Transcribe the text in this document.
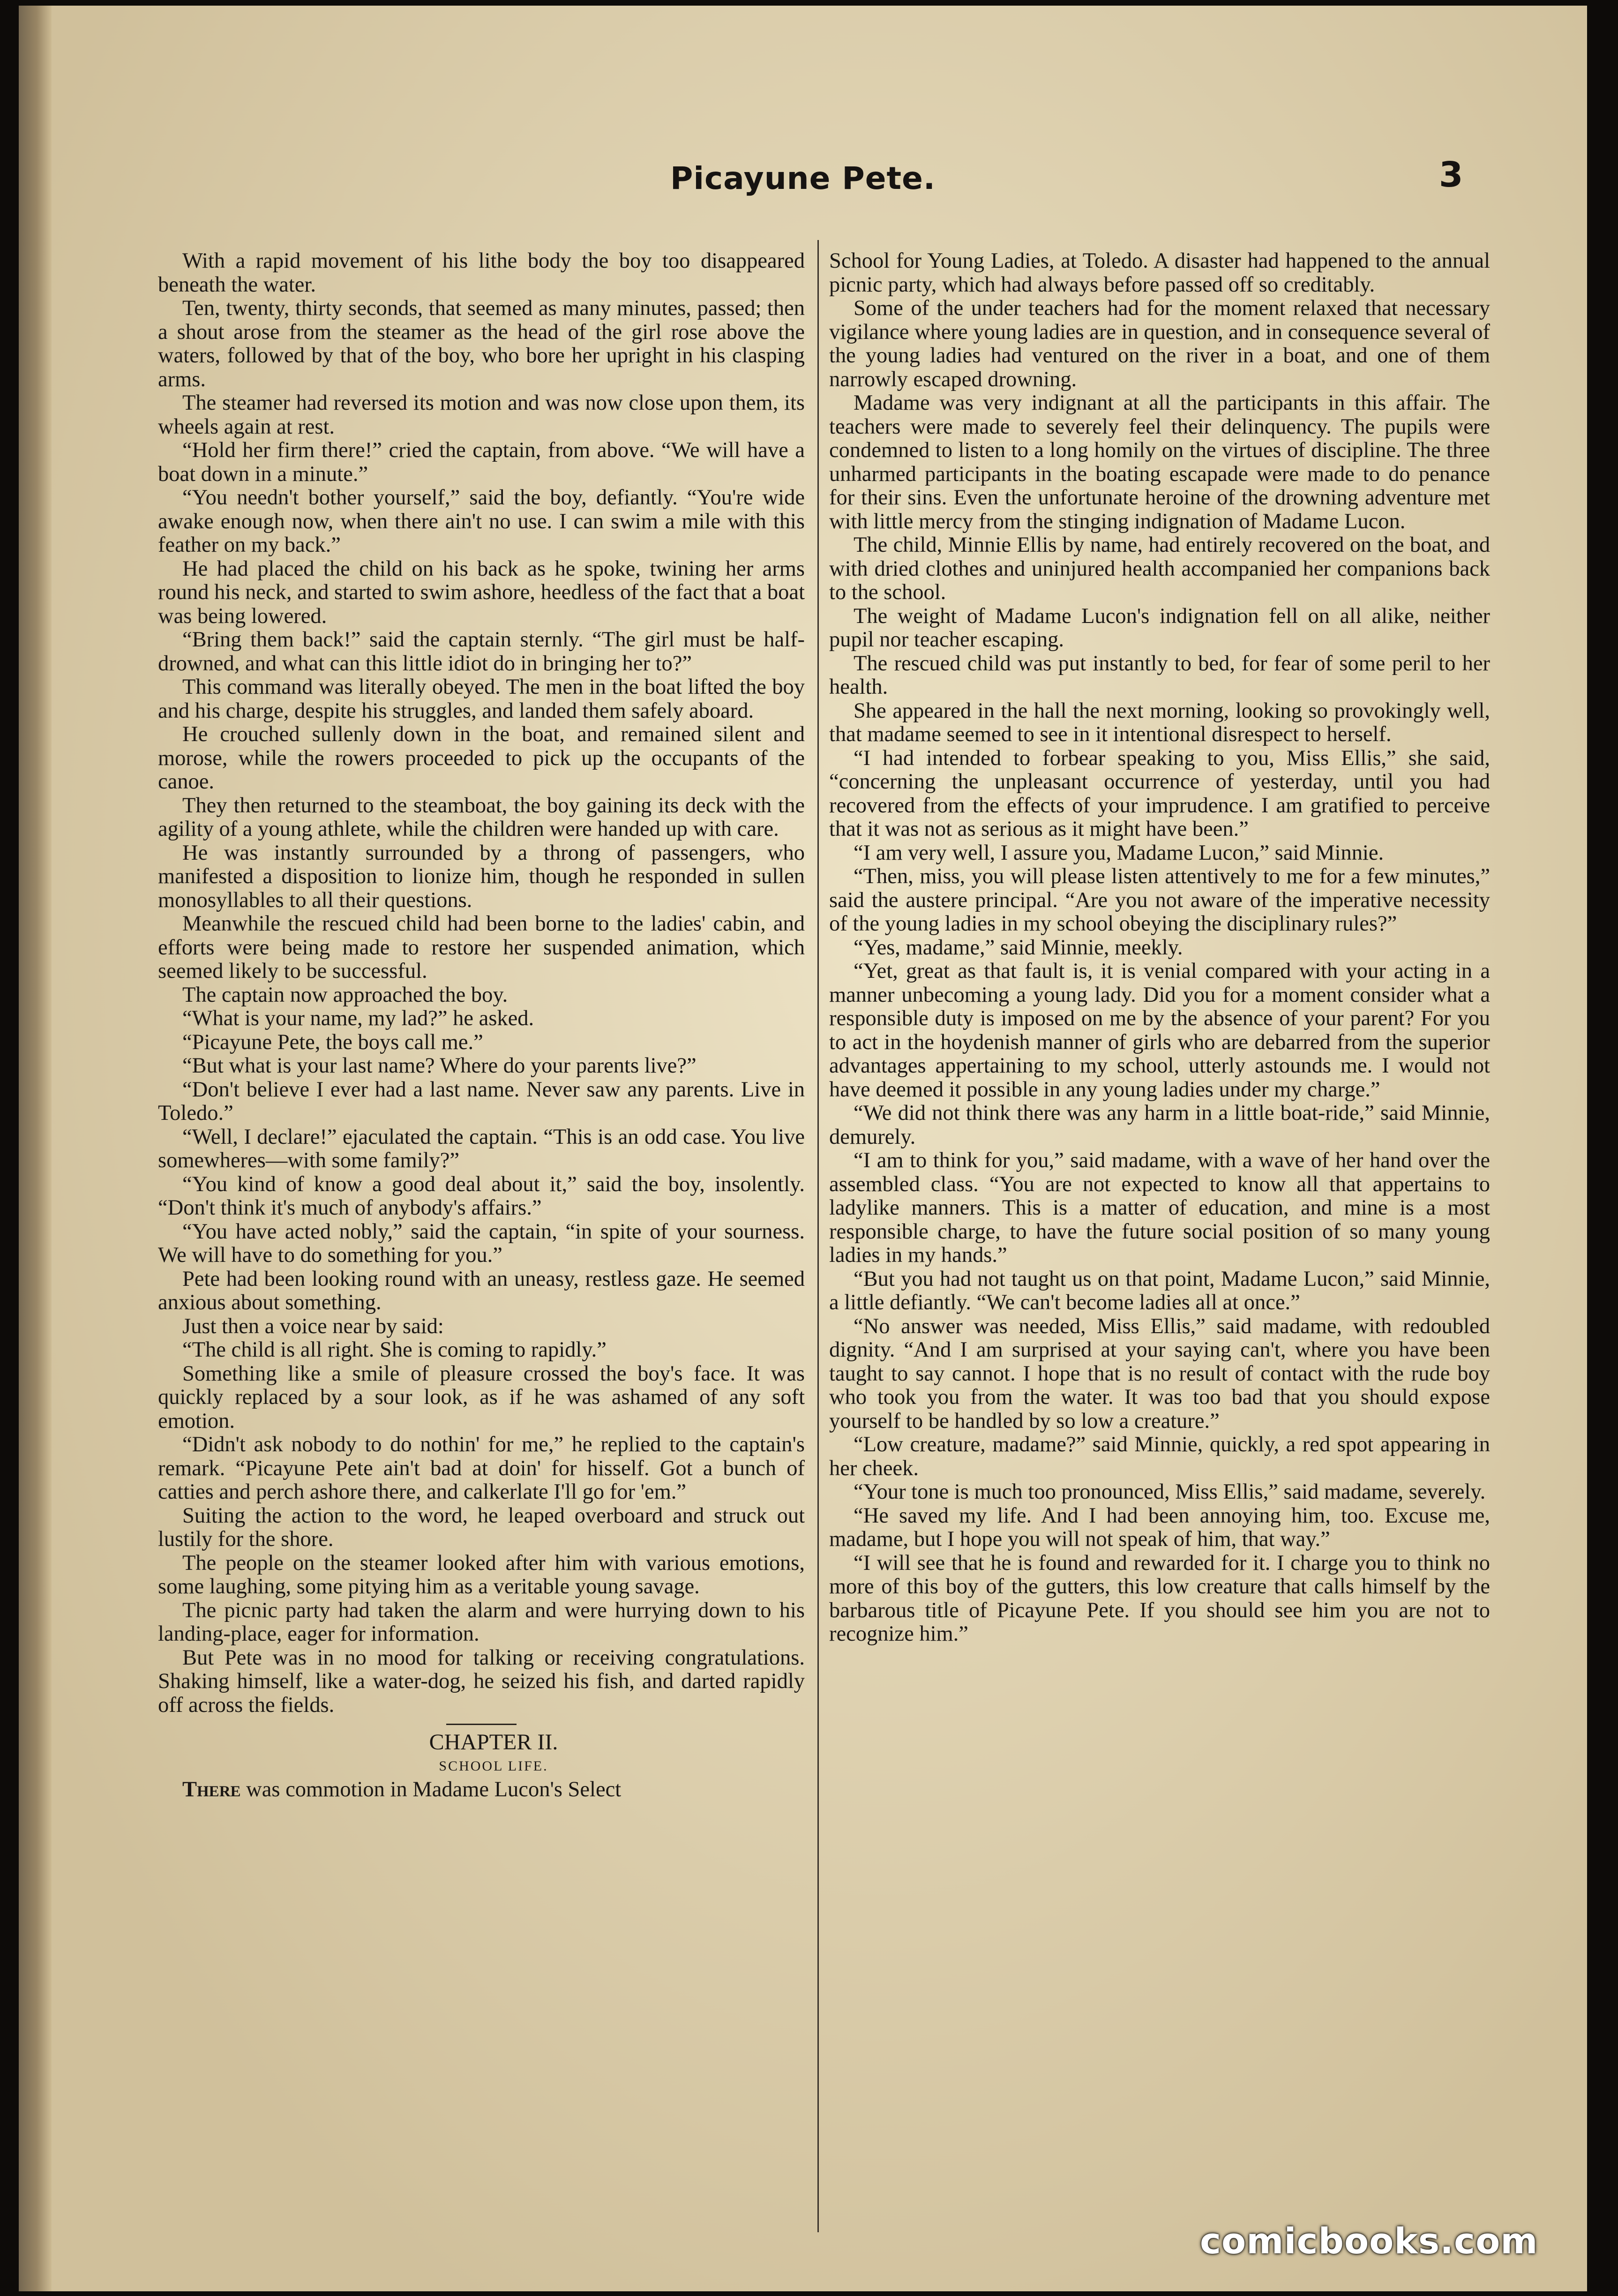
Picayune Pete.	3

With a rapid movement of his lithe body the boy too disappeared beneath the water.

Ten, twenty, thirty seconds, that seemed as many minutes, passed; then a shout arose from the steamer as the head of the girl rose above the waters, followed by that of the boy, who bore her upright in his clasping arms.

The steamer had reversed its motion and was now close upon them, its wheels again at rest.

“Hold her firm there!” cried the captain, from above. “We will have a boat down in a minute.”

“You needn't bother yourself,” said the boy, defiantly. “You're wide awake enough now, when there ain't no use. I can swim a mile with this feather on my back.”

He had placed the child on his back as he spoke, twining her arms round his neck, and started to swim ashore, heedless of the fact that a boat was being lowered.

“Bring them back!” said the captain sternly. “The girl must be half-drowned, and what can this little idiot do in bringing her to?”

This command was literally obeyed. The men in the boat lifted the boy and his charge, despite his struggles, and landed them safely aboard.

He crouched sullenly down in the boat, and remained silent and morose, while the rowers proceeded to pick up the occupants of the canoe.

They then returned to the steamboat, the boy gaining its deck with the agility of a young athlete, while the children were handed up with care.

He was instantly surrounded by a throng of passengers, who manifested a disposition to lionize him, though he responded in sullen monosyllables to all their questions.

Meanwhile the rescued child had been borne to the ladies' cabin, and efforts were being made to restore her suspended animation, which seemed likely to be successful.

The captain now approached the boy.

“What is your name, my lad?” he asked.

“Picayune Pete, the boys call me.”

“But what is your last name? Where do your parents live?”

“Don't believe I ever had a last name. Never saw any parents. Live in Toledo.”

“Well, I declare!” ejaculated the captain. “This is an odd case. You live somewheres—with some family?”

“You kind of know a good deal about it,” said the boy, insolently. “Don't think it's much of anybody's affairs.”

“You have acted nobly,” said the captain, “in spite of your sourness. We will have to do something for you.”

Pete had been looking round with an uneasy, restless gaze. He seemed anxious about something.

Just then a voice near by said:

“The child is all right. She is coming to rapidly.”

Something like a smile of pleasure crossed the boy's face. It was quickly replaced by a sour look, as if he was ashamed of any soft emotion.

“Didn't ask nobody to do nothin' for me,” he replied to the captain's remark. “Picayune Pete ain't bad at doin' for hisself. Got a bunch of catties and perch ashore there, and calkerlate I'll go for 'em.”

Suiting the action to the word, he leaped overboard and struck out lustily for the shore.

The people on the steamer looked after him with various emotions, some laughing, some pitying him as a veritable young savage.

The picnic party had taken the alarm and were hurrying down to his landing-place, eager for information.

But Pete was in no mood for talking or receiving congratulations. Shaking himself, like a water-dog, he seized his fish, and darted rapidly off across the fields.

CHAPTER II.

SCHOOL LIFE.

There was commotion in Madame Lucon's Select

School for Young Ladies, at Toledo. A disaster had happened to the annual picnic party, which had always before passed off so creditably.

Some of the under teachers had for the moment relaxed that necessary vigilance where young ladies are in question, and in consequence several of the young ladies had ventured on the river in a boat, and one of them narrowly escaped drowning.

Madame was very indignant at all the participants in this affair. The teachers were made to severely feel their delinquency. The pupils were condemned to listen to a long homily on the virtues of discipline. The three unharmed participants in the boating escapade were made to do penance for their sins. Even the unfortunate heroine of the drowning adventure met with little mercy from the stinging indignation of Madame Lucon.

The child, Minnie Ellis by name, had entirely recovered on the boat, and with dried clothes and uninjured health accompanied her companions back to the school.

The weight of Madame Lucon's indignation fell on all alike, neither pupil nor teacher escaping.

The rescued child was put instantly to bed, for fear of some peril to her health.

She appeared in the hall the next morning, looking so provokingly well, that madame seemed to see in it intentional disrespect to herself.

“I had intended to forbear speaking to you, Miss Ellis,” she said, “concerning the unpleasant occurrence of yesterday, until you had recovered from the effects of your imprudence. I am gratified to perceive that it was not as serious as it might have been.”

“I am very well, I assure you, Madame Lucon,” said Minnie.

“Then, miss, you will please listen attentively to me for a few minutes,” said the austere principal. “Are you not aware of the imperative necessity of the young ladies in my school obeying the disciplinary rules?”

“Yes, madame,” said Minnie, meekly.

“Yet, great as that fault is, it is venial compared with your acting in a manner unbecoming a young lady. Did you for a moment consider what a responsible duty is imposed on me by the absence of your parent? For you to act in the hoydenish manner of girls who are debarred from the superior advantages appertaining to my school, utterly astounds me. I would not have deemed it possible in any young ladies under my charge.”

“We did not think there was any harm in a little boat-ride,” said Minnie, demurely.

“I am to think for you,” said madame, with a wave of her hand over the assembled class. “You are not expected to know all that appertains to ladylike manners. This is a matter of education, and mine is a most responsible charge, to have the future social position of so many young ladies in my hands.”

“But you had not taught us on that point, Madame Lucon,” said Minnie, a little defiantly. “We can't become ladies all at once.”

“No answer was needed, Miss Ellis,” said madame, with redoubled dignity. “And I am surprised at your saying can't, where you have been taught to say cannot. I hope that is no result of contact with the rude boy who took you from the water. It was too bad that you should expose yourself to be handled by so low a creature.”

“Low creature, madame?” said Minnie, quickly, a red spot appearing in her cheek.

“Your tone is much too pronounced, Miss Ellis,” said madame, severely.

“He saved my life. And I had been annoying him, too. Excuse me, madame, but I hope you will not speak of him, that way.”

“I will see that he is found and rewarded for it. I charge you to think no more of this boy of the gutters, this low creature that calls himself by the barbarous title of Picayune Pete. If you should see him you are not to recognize him.”

comicbooks.com
